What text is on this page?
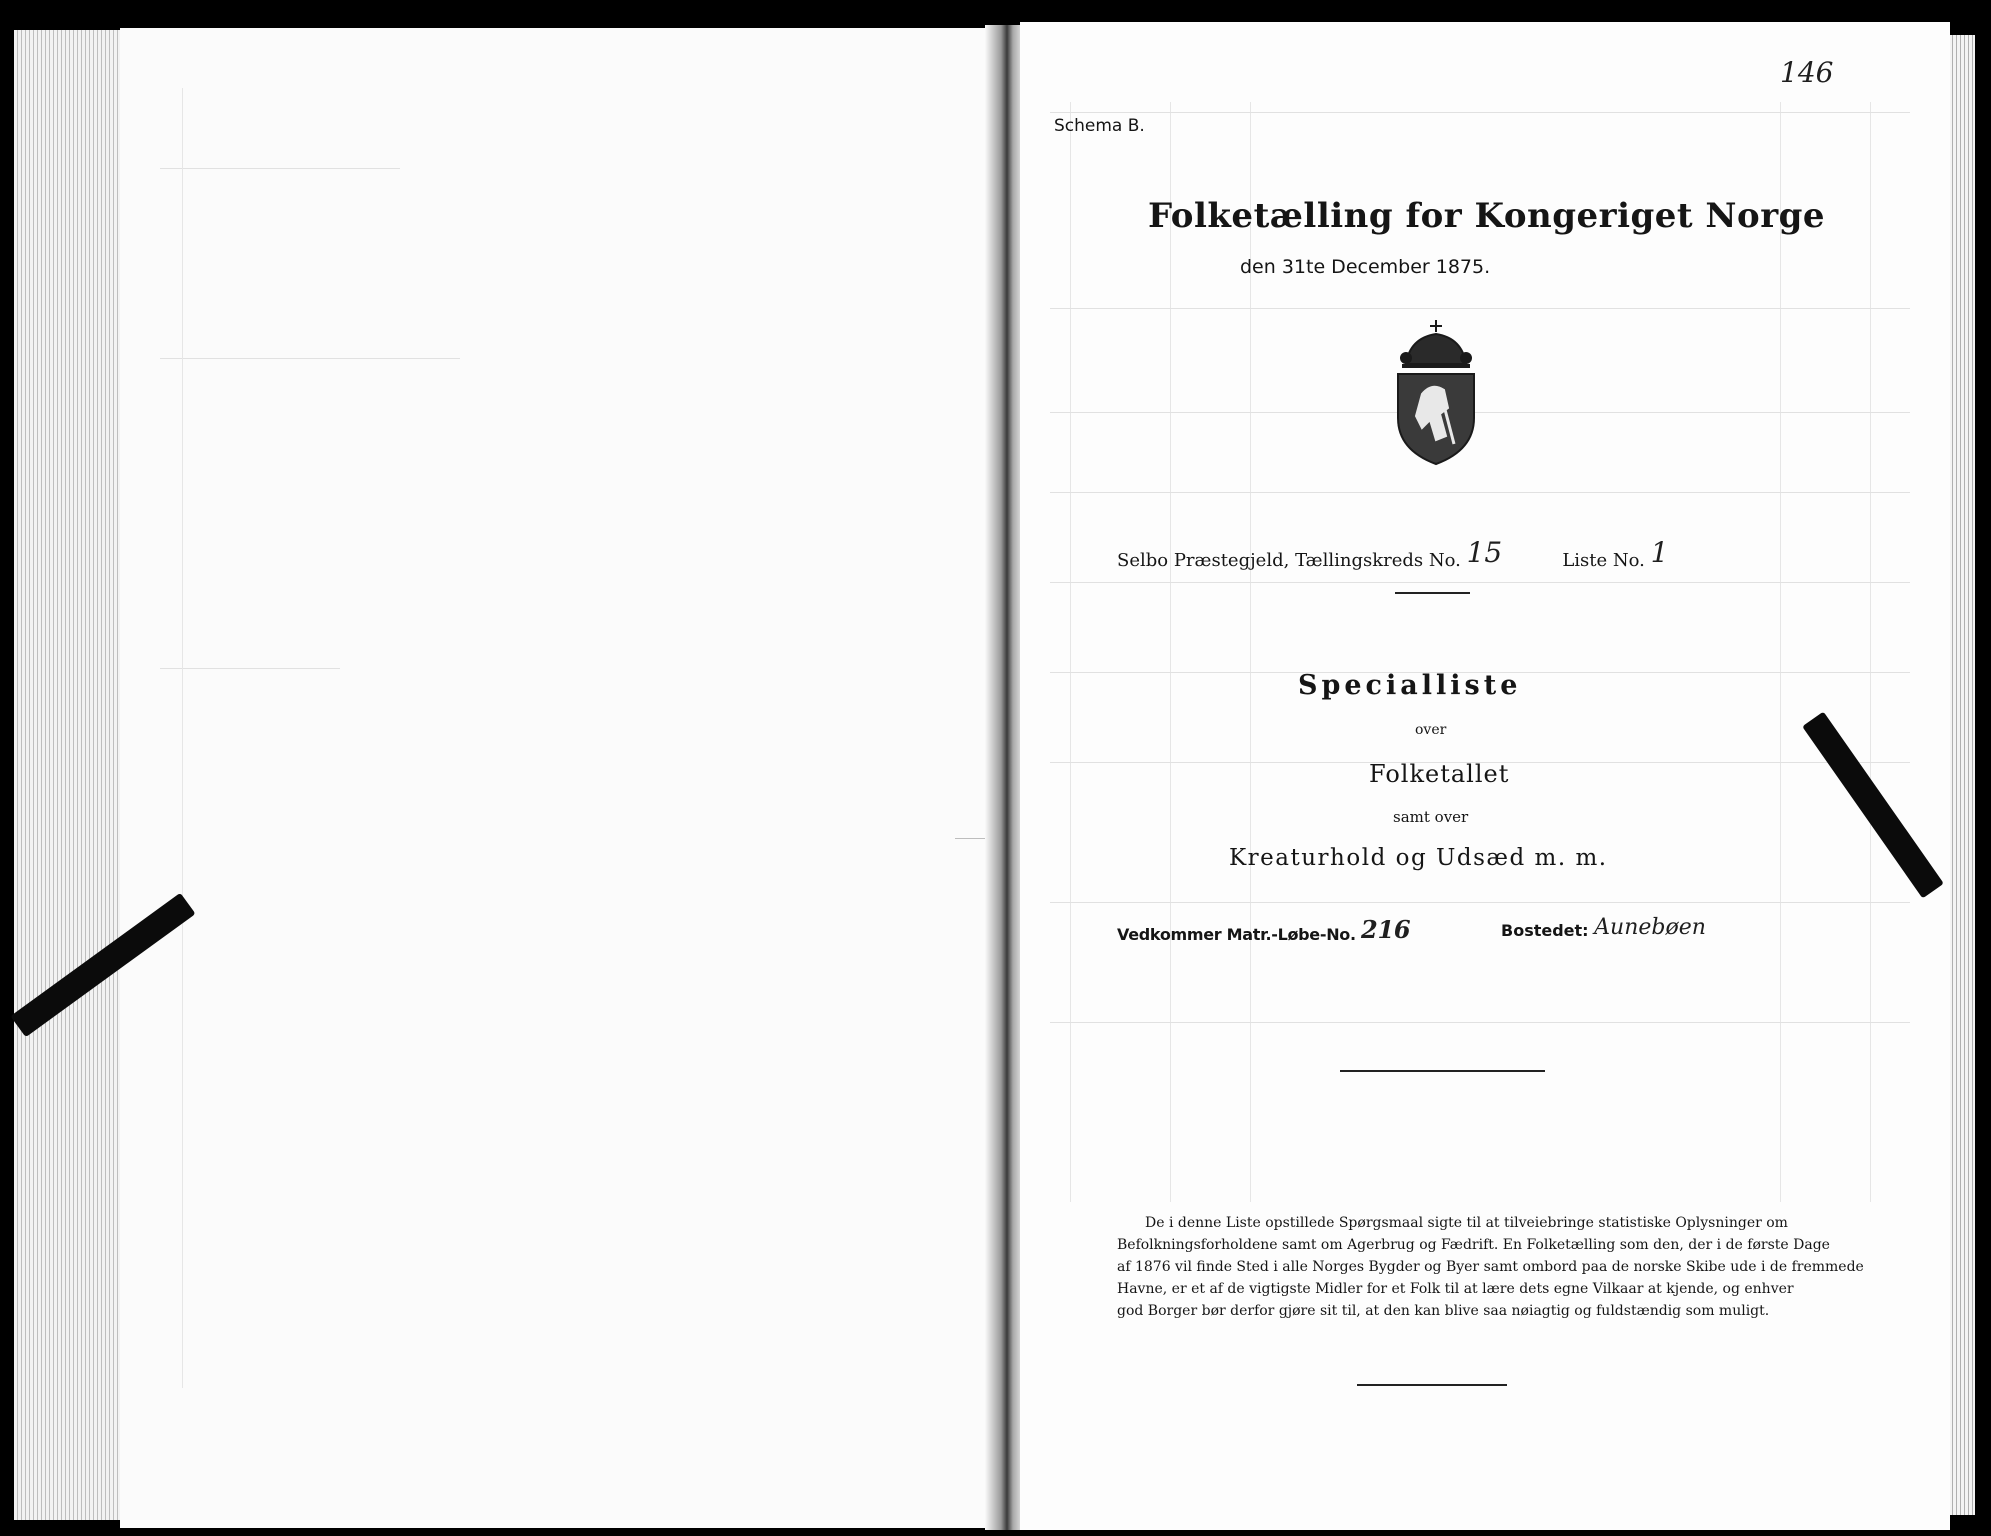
Schema B.
146
Folketælling for Kongeriget Norge
den 31te December 1875.
Selbo Præstegjeld, Tællingskreds No. 15	Liste No. 1
Specialliste
over
Folketallet
samt over
Kreaturhold og Udsæd m. m.
Vedkommer Matr.-Løbe-No. 216	Bostedet: Aunebøen
De i denne Liste opstillede Spørgsmaal sigte til at tilveiebringe statistiske Oplysninger om
Befolkningsforholdene samt om Agerbrug og Fædrift. En Folketælling som den, der i de første Dage
af 1876 vil finde Sted i alle Norges Bygder og Byer samt ombord paa de norske Skibe ude i de fremmede
Havne, er et af de vigtigste Midler for et Folk til at lære dets egne Vilkaar at kjende, og enhver
god Borger bør derfor gjøre sit til, at den kan blive saa nøiagtig og fuldstændig som muligt.
